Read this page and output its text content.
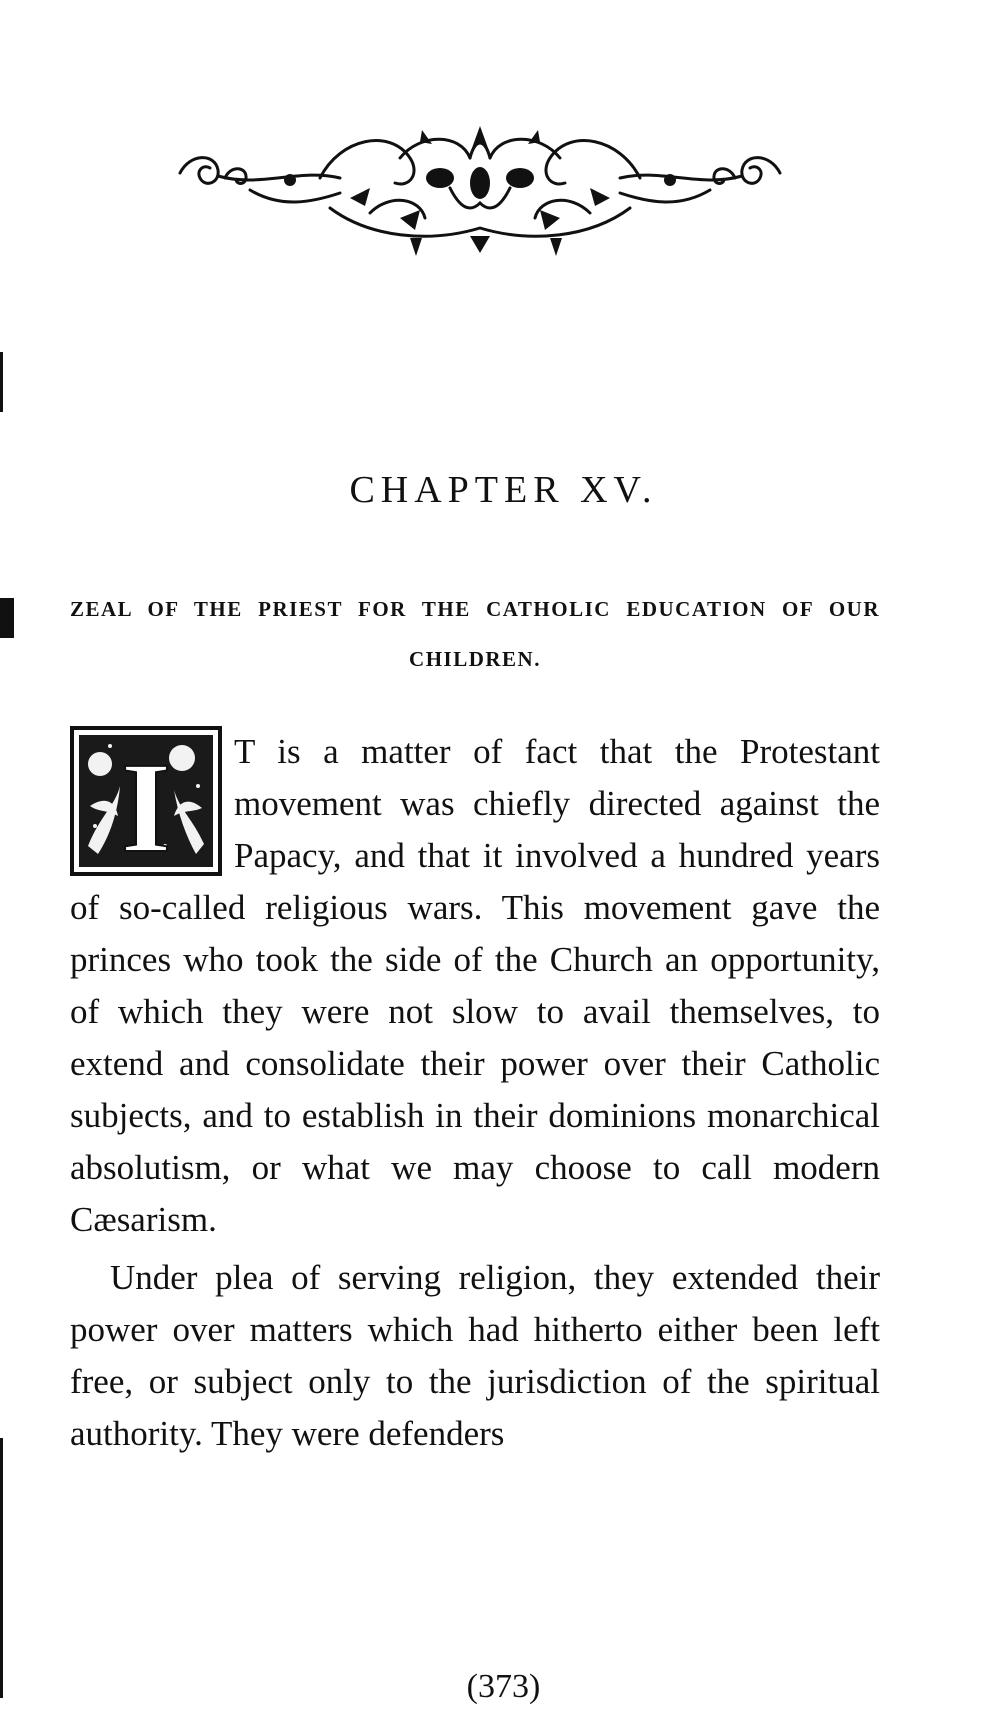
CHAPTER XV.

ZEAL OF THE PRIEST FOR THE CATHOLIC EDUCATION OF OUR CHILDREN.

I T is a matter of fact that the Protestant movement was chiefly directed against the Papacy, and that it involved a hundred years of so-called religious wars. This movement gave the princes who took the side of the Church an opportunity, of which they were not slow to avail themselves, to extend and consolidate their power over their Catholic subjects, and to establish in their dominions monarchical absolutism, or what we may choose to call modern Cæsarism.

Under plea of serving religion, they extended their power over matters which had hitherto either been left free, or subject only to the jurisdiction of the spiritual authority. They were defenders

(373)
